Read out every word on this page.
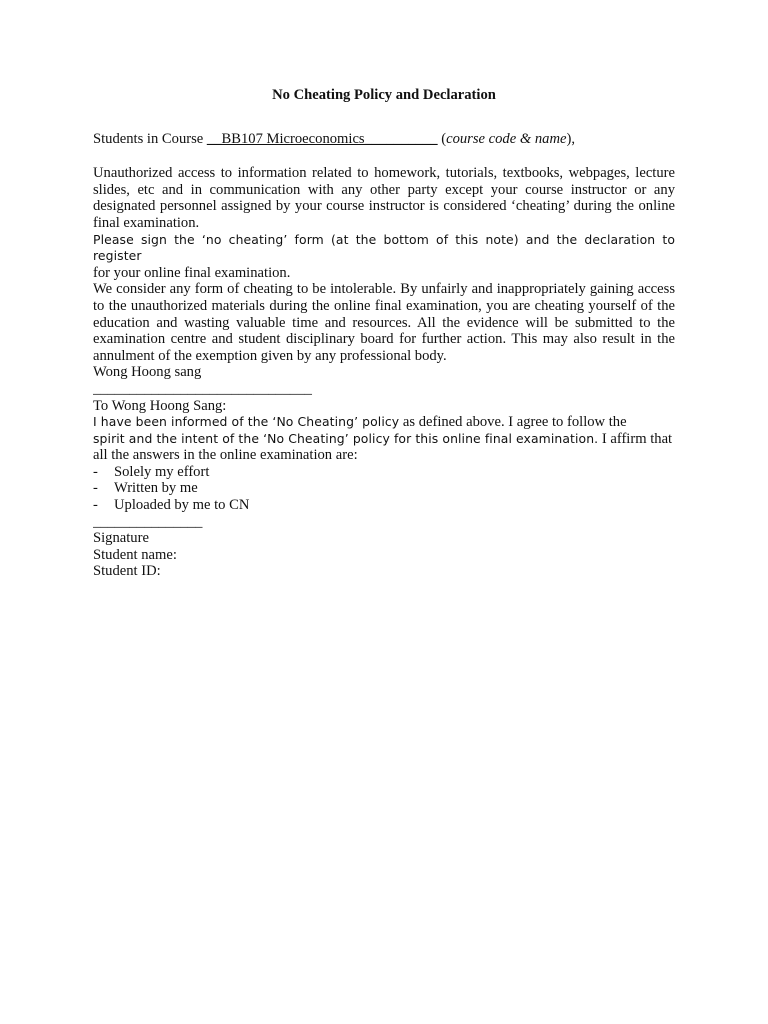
No Cheating Policy and Declaration

Students in Course __BB107 Microeconomics__________ (course code & name),

Unauthorized access to information related to homework, tutorials, textbooks, webpages, lecture slides, etc and in communication with any other party except your course instructor or any designated personnel assigned by your course instructor is considered ‘cheating’ during the online final examination.

Please sign the ‘no cheating’ form (at the bottom of this note) and the declaration to register

for your online final examination.

We consider any form of cheating to be intolerable. By unfairly and inappropriately gaining access to the unauthorized materials during the online final examination, you are cheating yourself of the education and wasting valuable time and resources. All the evidence will be submitted to the examination centre and student disciplinary board for further action. This may also result in the annulment of the exemption given by any professional body.

Wong Hoong sang

______________________________

To Wong Hoong Sang:

I have been informed of the ‘No Cheating’ policy as defined above. I agree to follow the

spirit and the intent of the ‘No Cheating’ policy for this online final examination. I affirm that

all the answers in the online examination are:

- Solely my effort
- Written by me
- Uploaded by me to CN

_______________

Signature

Student name:

Student ID:
